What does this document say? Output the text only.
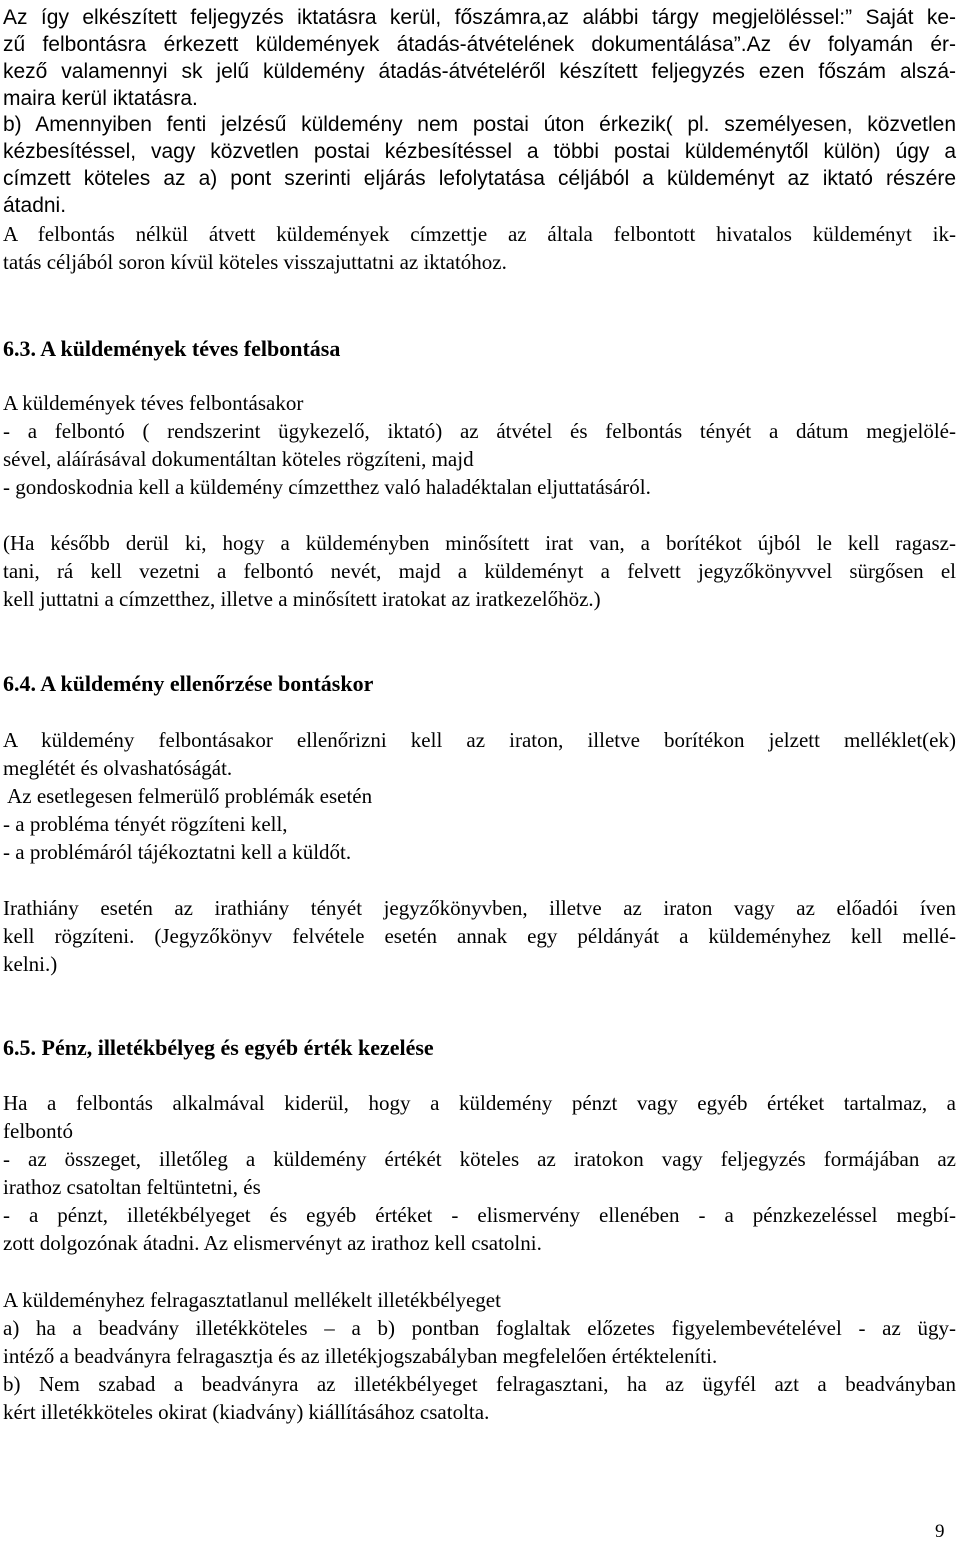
Az így elkészített feljegyzés iktatásra kerül, főszámra,az alábbi tárgy megjelöléssel:” Saját ke-
zű felbontásra érkezett küldemények átadás-átvételének dokumentálása”.Az év folyamán ér-
kező valamennyi sk jelű küldemény átadás-átvételéről készített feljegyzés ezen főszám alszá-
maira kerül iktatásra.
b) Amennyiben fenti jelzésű küldemény nem postai úton érkezik( pl. személyesen, közvetlen
kézbesítéssel, vagy közvetlen postai kézbesítéssel a többi postai küldeménytől külön) úgy a
címzett köteles az a) pont szerinti eljárás lefolytatása céljából a küldeményt az iktató részére
átadni.
A felbontás nélkül átvett küldemények címzettje az általa felbontott hivatalos küldeményt ik-
tatás céljából soron kívül köteles visszajuttatni az iktatóhoz.
6.3. A küldemények téves felbontása
A küldemények téves felbontásakor
- a felbontó ( rendszerint ügykezelő, iktató) az átvétel és felbontás tényét a dátum megjelölé-
sével, aláírásával dokumentáltan köteles rögzíteni, majd
- gondoskodnia kell a küldemény címzetthez való haladéktalan eljuttatásáról.
(Ha később derül ki, hogy a küldeményben minősített irat van, a borítékot újból le kell ragasz-
tani, rá kell vezetni a felbontó nevét, majd a küldeményt a felvett jegyzőkönyvvel sürgősen el
kell juttatni a címzetthez, illetve a minősített iratokat az iratkezelőhöz.)
6.4. A küldemény ellenőrzése bontáskor
A küldemény felbontásakor ellenőrizni kell az iraton, illetve borítékon jelzett melléklet(ek)
meglétét és olvashatóságát.
Az esetlegesen felmerülő problémák esetén
- a probléma tényét rögzíteni kell,
- a problémáról tájékoztatni kell a küldőt.
Irathiány esetén az irathiány tényét jegyzőkönyvben, illetve az iraton vagy az előadói íven
kell rögzíteni. (Jegyzőkönyv felvétele esetén annak egy példányát a küldeményhez kell mellé-
kelni.)
6.5. Pénz, illetékbélyeg és egyéb érték kezelése
Ha a felbontás alkalmával kiderül, hogy a küldemény pénzt vagy egyéb értéket tartalmaz, a
felbontó
- az összeget, illetőleg a küldemény értékét köteles az iratokon vagy feljegyzés formájában az
irathoz csatoltan feltüntetni, és
- a pénzt, illetékbélyeget és egyéb értéket - elismervény ellenében - a pénzkezeléssel megbí-
zott dolgozónak átadni. Az elismervényt az irathoz kell csatolni.
A küldeményhez felragasztatlanul mellékelt illetékbélyeget
a) ha a beadvány illetékköteles – a b) pontban foglaltak előzetes figyelembevételével - az ügy-
intéző a beadványra felragasztja és az illetékjogszabályban megfelelően értékteleníti.
b) Nem szabad a beadványra az illetékbélyeget felragasztani, ha az ügyfél azt a beadványban
kért illetékköteles okirat (kiadvány) kiállításához csatolta.
9
